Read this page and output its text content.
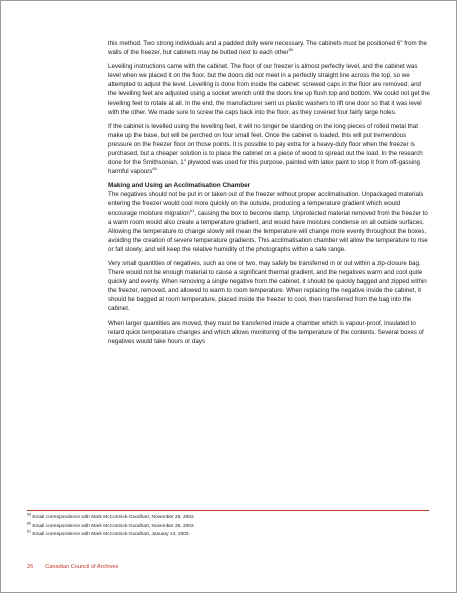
this method. Two strong individuals and a padded dolly were necessary. The cabinets must be positioned 6" from the walls of the freezer, but cabinets may be butted next to each other$^{59}$

Levelling instructions came with the cabinet. The floor of our freezer is almost perfectly level, and the cabinet was level when we placed it on the floor, but the doors did not meet in a perfectly straight line across the top, so we attempted to adjust the level. Levelling is done from inside the cabinet: screwed caps in the floor are removed, and the levelling feet are adjusted using a socket wrench until the doors line up flush top and bottom. We could not get the levelling feet to rotate at all. In the end, the manufacturer sent us plastic washers to lift one door so that it was level with the other. We made sure to screw the caps back into the floor, as they covered four fairly large holes.

If the cabinet is levelled using the levelling feet, it will no longer be standing on the long pieces of rolled metal that make up the base, but will be perched on four small feet. Once the cabinet is loaded, this will put tremendous pressure on the freezer floor on those points. It is possible to pay extra for a heavy-duty floor when the freezer is purchased, but a cheaper solution is to place the cabinet on a piece of wood to spread out the load. In the research done for the Smithsonian, 1" plywood was used for this purpose, painted with latex paint to stop it from off-gassing harmful vapours$^{60}$

Making and Using an Acclimatisation Chamber

The negatives should not be put in or taken out of the freezer without proper acclimatisation. Unpackaged materials entering the freezer would cool more quickly on the outside, producing a temperature gradient which would encourage moisture migration$^{61}$, causing the box to become damp. Unprotected material removed from the freezer to a warm room would also create a temperature gradient, and would have moisture condense on all outside surfaces. Allowing the temperature to change slowly will mean the temperature will change more evenly throughout the boxes, avoiding the creation of severe temperature gradients. This acclimatisation chamber will allow the temperature to rise or fall slowly, and will keep the relative humidity of the photographs within a safe range.

Very small quantities of negatives, such as one or two, may safely be transferred in or out within a zip-closure bag. There would not be enough material to cause a significant thermal gradient, and the negatives warm and cool quite quickly and evenly. When removing a single negative from the cabinet, it should be quickly bagged and zipped within the freezer, removed, and allowed to warm to room temperature. When replacing the negative inside the cabinet, it should be bagged at room temperature, placed inside the freezer to cool, then transferred from the bag into the cabinet.

When larger quantities are moved, they must be transferred inside a chamber which is vapour-proof, insulated to retard quick temperature changes and which allows monitoring of the temperature of the contents. Several boxes of negatives would take hours or days

$^{59}$ Email correspondence with Mark McCormick-Goodhart, November 26, 2002.
$^{60}$ Email correspondence with Mark McCormick-Goodhart, November 26, 2002.
$^{61}$ Email correspondence with Mark McCormick-Goodhart, January 13, 2003.
26 Canadian Council of Archives
